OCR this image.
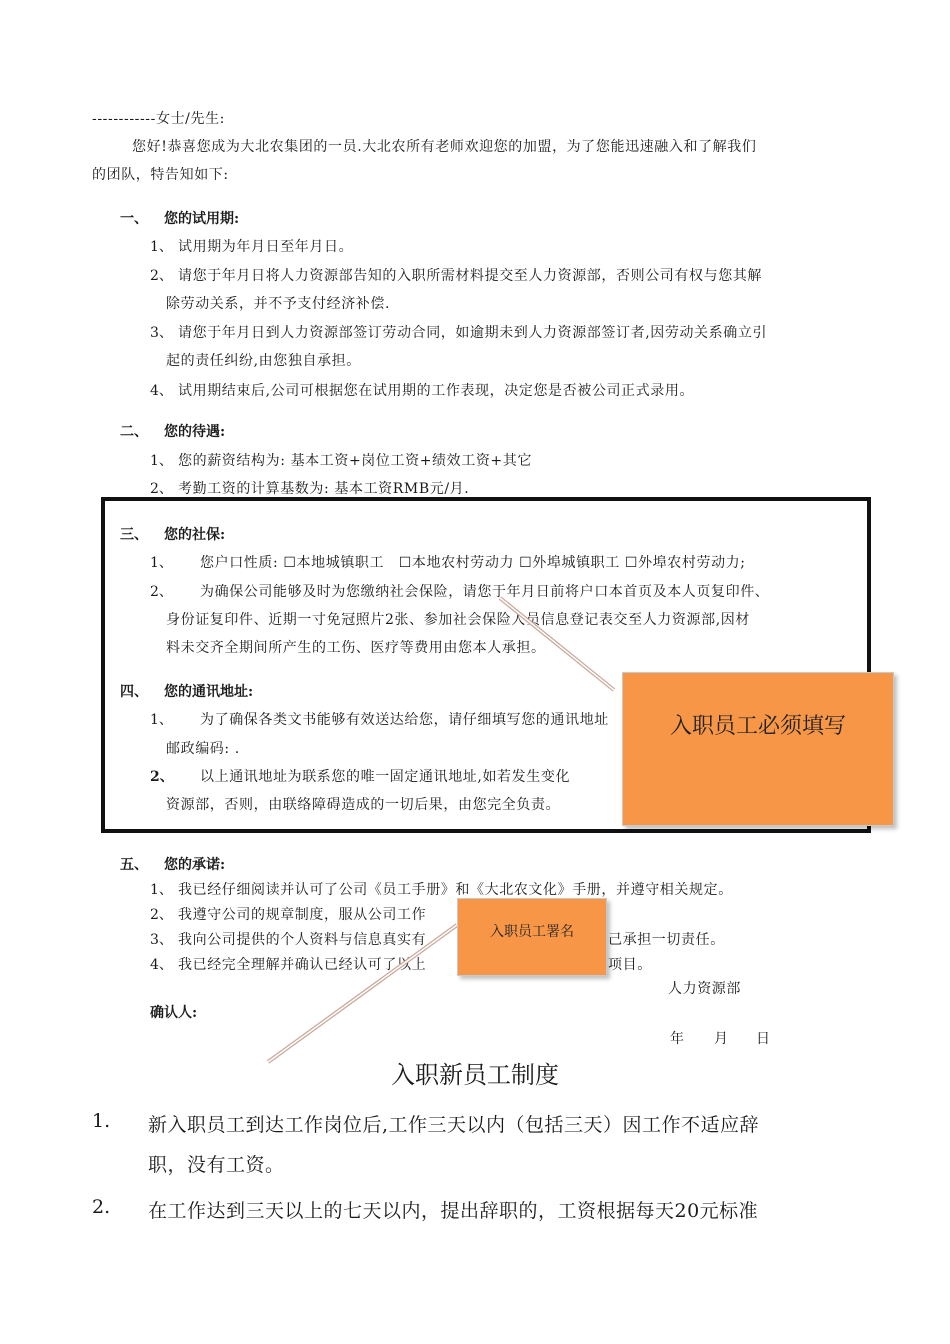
------------女士/先生:
您好!恭喜您成为大北农集团的一员.大北农所有老师欢迎您的加盟，为了您能迅速融入和了解我们
的团队，特告知如下:
一、 您的试用期:
1、 试用期为年月日至年月日。
2、 请您于年月日将人力资源部告知的入职所需材料提交至人力资源部，否则公司有权与您其解
除劳动关系，并不予支付经济补偿.
3、 请您于年月日到人力资源部签订劳动合同，如逾期未到人力资源部签订者,因劳动关系确立引
起的责任纠纷,由您独自承担。
4、 试用期结束后,公司可根据您在试用期的工作表现，决定您是否被公司正式录用。
二、 您的待遇:
1、 您的薪资结构为: 基本工资+岗位工资+绩效工资+其它
2、 考勤工资的计算基数为: 基本工资RMB元/月.
三、 您的社保:
1、 您户口性质: ☐本地城镇职工　☐本地农村劳动力 ☐外埠城镇职工 ☐外埠农村劳动力;
2、 为确保公司能够及时为您缴纳社会保险，请您于年月日前将户口本首页及本人页复印件、
身份证复印件、近期一寸免冠照片2张、参加社会保险人员信息登记表交至人力资源部,因材
料未交齐全期间所产生的工伤、医疗等费用由您本人承担。
四、 您的通讯地址:
1、 为了确保各类文书能够有效送达给您，请仔细填写您的通讯地址
邮政编码: .
2、 以上通讯地址为联系您的唯一固定通讯地址,如若发生变化
资源部，否则，由联络障碍造成的一切后果，由您完全负责。
五、 您的承诺:
1、 我已经仔细阅读并认可了公司《员工手册》和《大北农文化》手册，并遵守相关规定。
2、 我遵守公司的规章制度，服从公司工作
3、 我向公司提供的个人资料与信息真实有	己承担一切责任。
4、 我已经完全理解并确认已经认可了以上	项目。
人力资源部
确认人:
年 月 日
入职员工必须填写
入职员工署名
入职新员工制度
1. 新入职员工到达工作岗位后,工作三天以内（包括三天）因工作不适应辞
职，没有工资。
2. 在工作达到三天以上的七天以内，提出辞职的，工资根据每天20元标准
